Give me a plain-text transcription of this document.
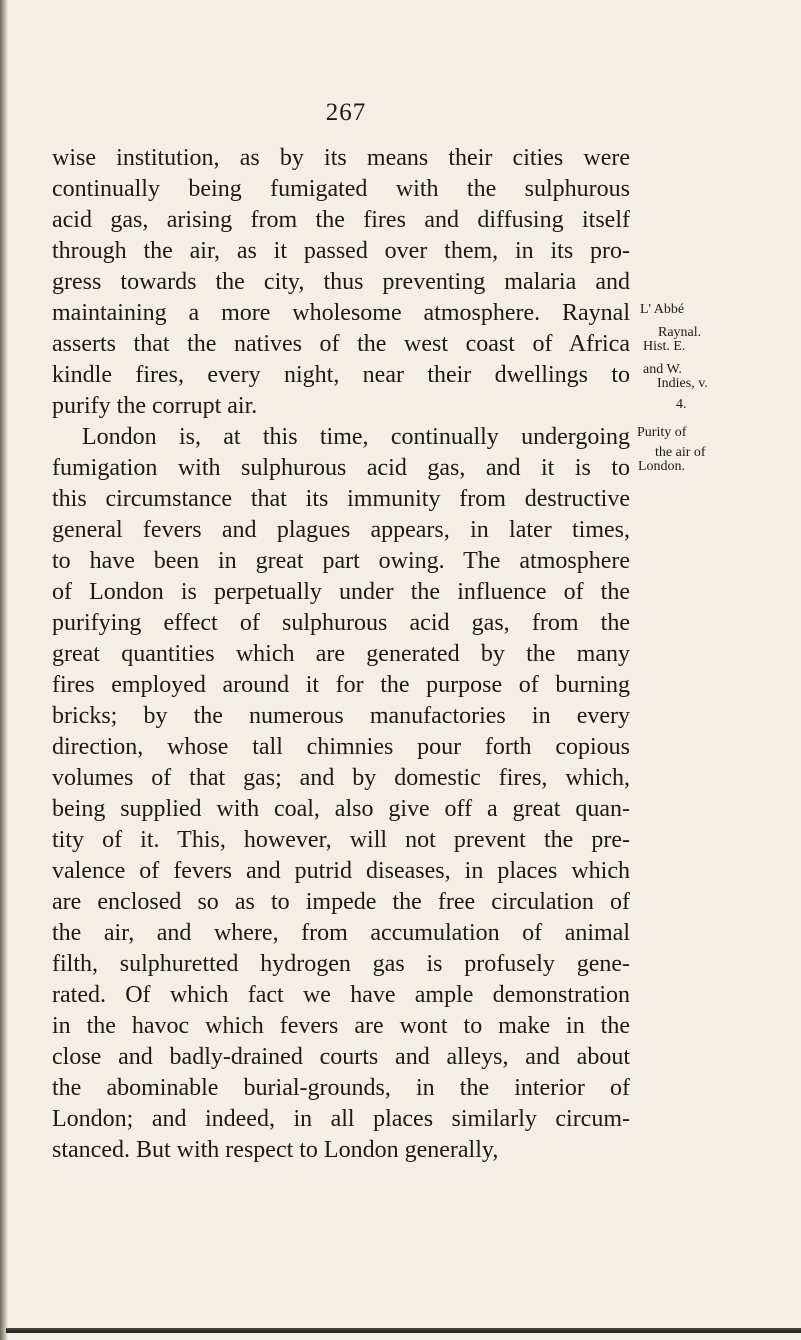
267
wise institution, as by its means their cities were
continually being fumigated with the sulphurous
acid gas, arising from the fires and diffusing itself
through the air, as it passed over them, in its pro-
gress towards the city, thus preventing malaria and
maintaining a more wholesome atmosphere. Raynal
asserts that the natives of the west coast of Africa
kindle fires, every night, near their dwellings to
purify the corrupt air.
London is, at this time, continually undergoing
fumigation with sulphurous acid gas, and it is to
this circumstance that its immunity from destructive
general fevers and plagues appears, in later times,
to have been in great part owing. The atmosphere
of London is perpetually under the influence of the
purifying effect of sulphurous acid gas, from the
great quantities which are generated by the many
fires employed around it for the purpose of burning
bricks; by the numerous manufactories in every
direction, whose tall chimnies pour forth copious
volumes of that gas; and by domestic fires, which,
being supplied with coal, also give off a great quan-
tity of it. This, however, will not prevent the pre-
valence of fevers and putrid diseases, in places which
are enclosed so as to impede the free circulation of
the air, and where, from accumulation of animal
filth, sulphuretted hydrogen gas is profusely gene-
rated. Of which fact we have ample demonstration
in the havoc which fevers are wont to make in the
close and badly-drained courts and alleys, and about
the abominable burial-grounds, in the interior of
London; and indeed, in all places similarly circum-
stanced. But with respect to London generally,
L' Abbé
Raynal.
Hist. E.
and W.
Indies, v.
4.
Purity of
the air of
London.
